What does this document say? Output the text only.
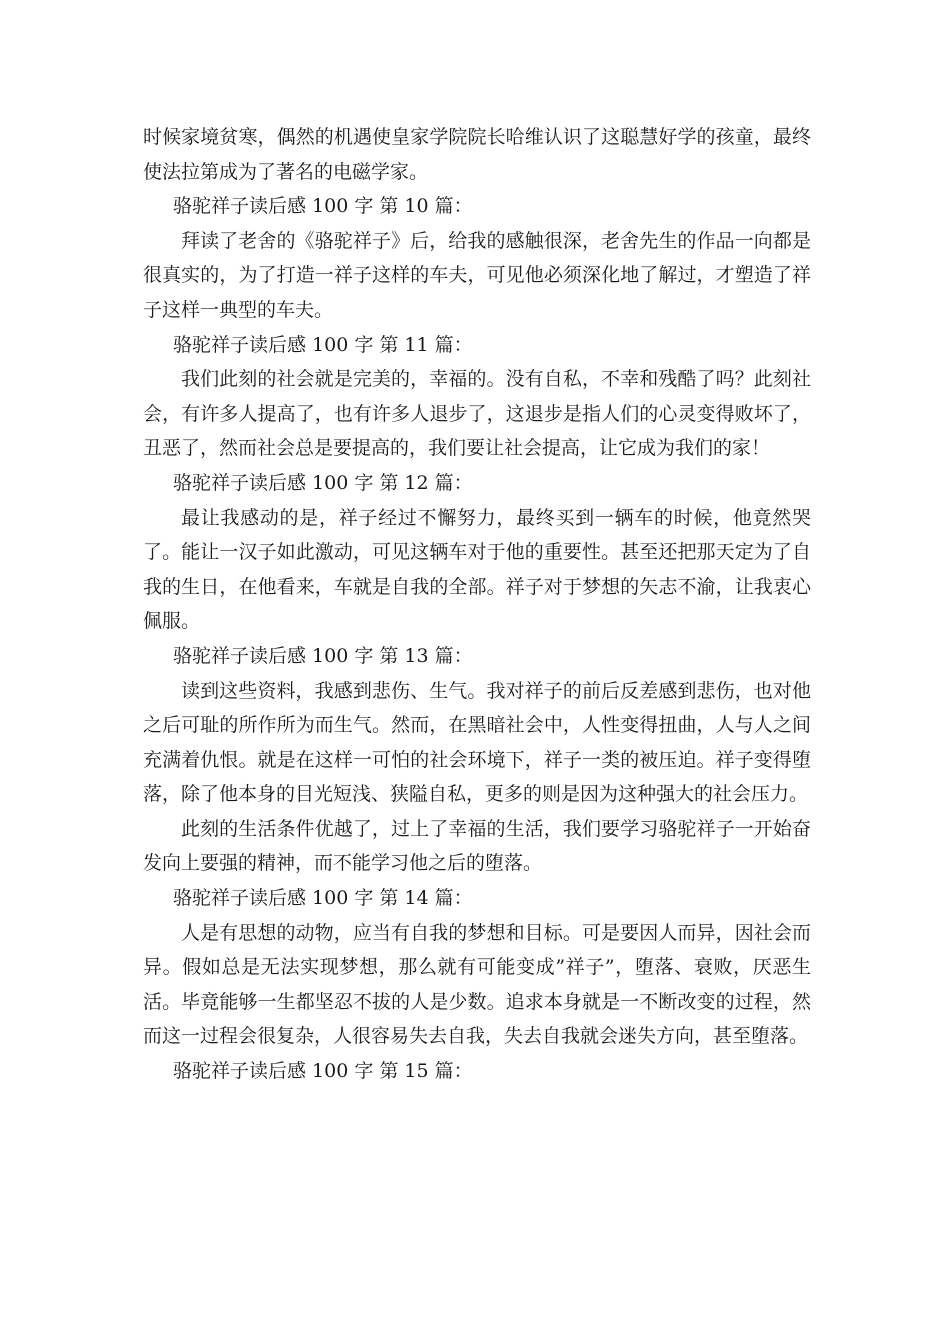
时候家境贫寒，偶然的机遇使皇家学院院长哈维认识了这聪慧好学的孩童，最终使法拉第成为了著名的电磁学家。

骆驼祥子读后感 100 字 第 10 篇：

拜读了老舍的《骆驼祥子》后，给我的感触很深，老舍先生的作品一向都是很真实的，为了打造一祥子这样的车夫，可见他必须深化地了解过，才塑造了祥子这样一典型的车夫。

骆驼祥子读后感 100 字 第 11 篇：

我们此刻的社会就是完美的，幸福的。没有自私，不幸和残酷了吗？此刻社会，有许多人提高了，也有许多人退步了，这退步是指人们的心灵变得败坏了，丑恶了，然而社会总是要提高的，我们要让社会提高，让它成为我们的家！

骆驼祥子读后感 100 字 第 12 篇：

最让我感动的是，祥子经过不懈努力，最终买到一辆车的时候，他竟然哭了。能让一汉子如此激动，可见这辆车对于他的重要性。甚至还把那天定为了自我的生日，在他看来，车就是自我的全部。祥子对于梦想的矢志不渝，让我衷心佩服。

骆驼祥子读后感 100 字 第 13 篇：

读到这些资料，我感到悲伤、生气。我对祥子的前后反差感到悲伤，也对他之后可耻的所作所为而生气。然而，在黑暗社会中，人性变得扭曲，人与人之间充满着仇恨。就是在这样一可怕的社会环境下，祥子一类的被压迫。祥子变得堕落，除了他本身的目光短浅、狭隘自私，更多的则是因为这种强大的社会压力。

此刻的生活条件优越了，过上了幸福的生活，我们要学习骆驼祥子一开始奋发向上要强的精神，而不能学习他之后的堕落。

骆驼祥子读后感 100 字 第 14 篇：

人是有思想的动物，应当有自我的梦想和目标。可是要因人而异，因社会而异。假如总是无法实现梦想，那么就有可能变成”祥子”，堕落、衰败，厌恶生活。毕竟能够一生都坚忍不拔的人是少数。追求本身就是一不断改变的过程，然而这一过程会很复杂，人很容易失去自我，失去自我就会迷失方向，甚至堕落。

骆驼祥子读后感 100 字 第 15 篇：
